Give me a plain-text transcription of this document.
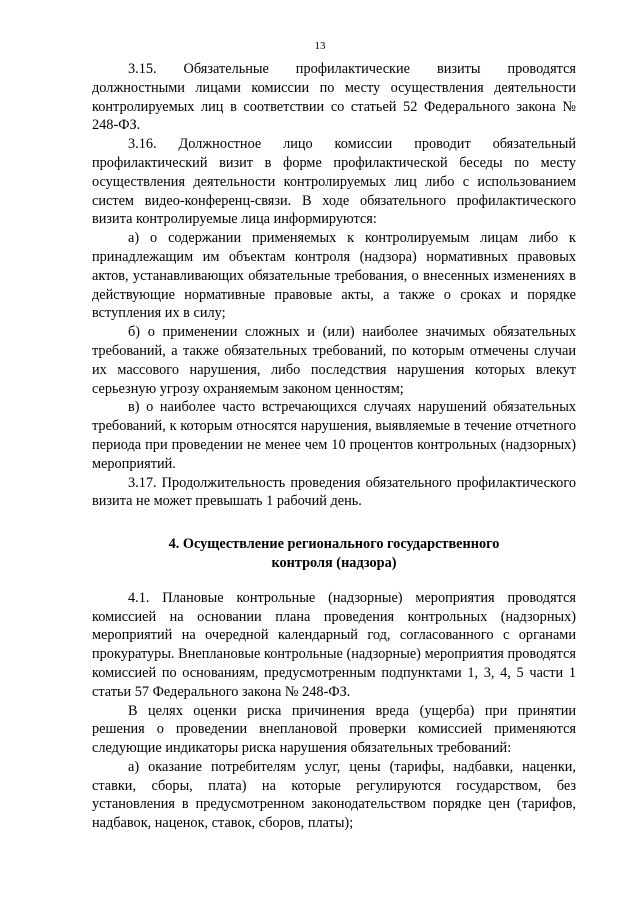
13

3.15. Обязательные профилактические визиты проводятся должностными лицами комиссии по месту осуществления деятельности контролируемых лиц в соответствии со статьей 52 Федерального закона № 248-ФЗ.

3.16. Должностное лицо комиссии проводит обязательный профилактический визит в форме профилактической беседы по месту осуществления деятельности контролируемых лиц либо с использованием систем видео-конференц-связи. В ходе обязательного профилактического визита контролируемые лица информируются:

а) о содержании применяемых к контролируемым лицам либо к принадлежащим им объектам контроля (надзора) нормативных правовых актов, устанавливающих обязательные требования, о внесенных изменениях в действующие нормативные правовые акты, а также о сроках и порядке вступления их в силу;

б) о применении сложных и (или) наиболее значимых обязательных требований, а также обязательных требований, по которым отмечены случаи их массового нарушения, либо последствия нарушения которых влекут серьезную угрозу охраняемым законом ценностям;

в) о наиболее часто встречающихся случаях нарушений обязательных требований, к которым относятся нарушения, выявляемые в течение отчетного периода при проведении не менее чем 10 процентов контрольных (надзорных) мероприятий.

3.17. Продолжительность проведения обязательного профилактического визита не может превышать 1 рабочий день.

4. Осуществление регионального государственного
контроля (надзора)

4.1. Плановые контрольные (надзорные) мероприятия проводятся комиссией на основании плана проведения контрольных (надзорных) мероприятий на очередной календарный год, согласованного с органами прокуратуры. Внеплановые контрольные (надзорные) мероприятия проводятся комиссией по основаниям, предусмотренным подпунктами 1, 3, 4, 5 части 1 статьи 57 Федерального закона № 248-ФЗ.

В целях оценки риска причинения вреда (ущерба) при принятии решения о проведении внеплановой проверки комиссией применяются следующие индикаторы риска нарушения обязательных требований:

а) оказание потребителям услуг, цены (тарифы, надбавки, наценки, ставки, сборы, плата) на которые регулируются государством, без установления в предусмотренном законодательством порядке цен (тарифов, надбавок, наценок, ставок, сборов, платы);
